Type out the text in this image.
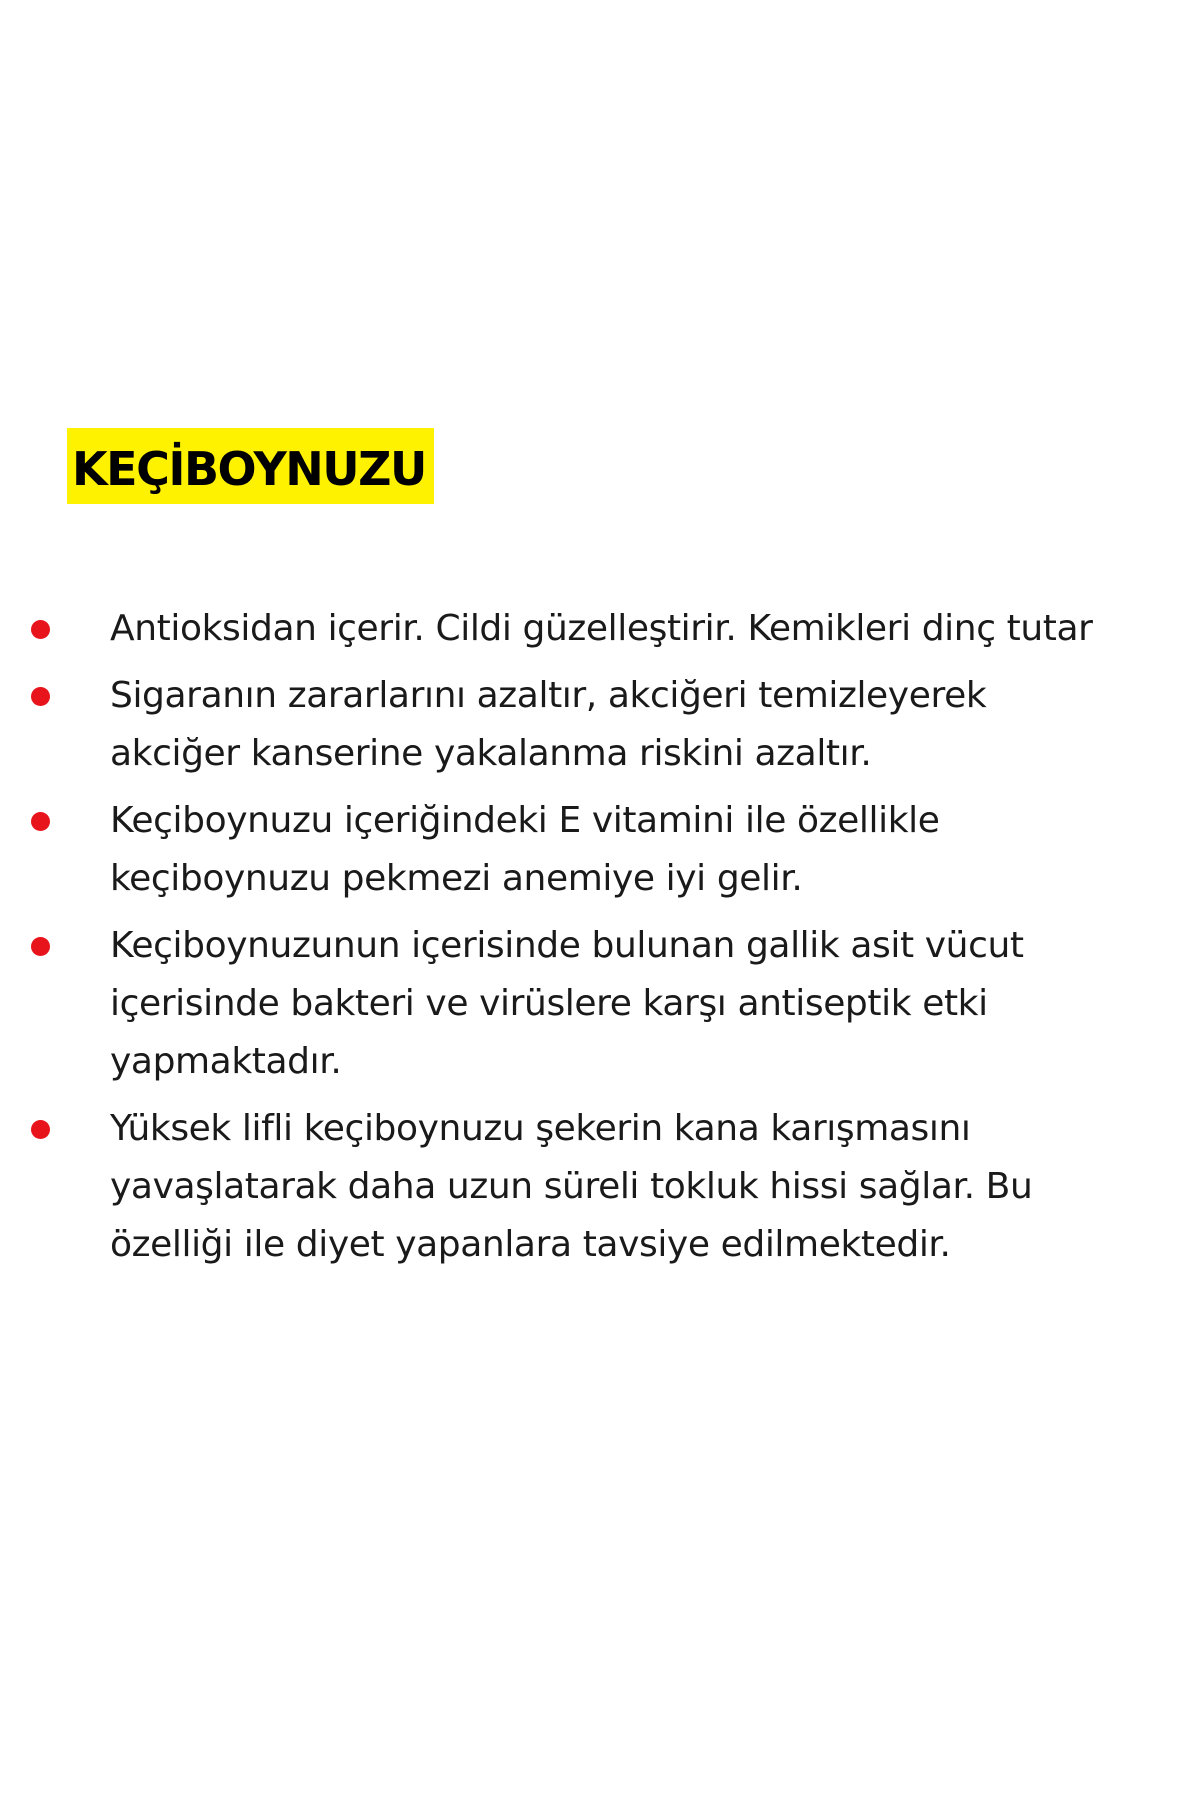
KEÇİBOYNUZU
Antioksidan içerir. Cildi güzelleştirir. Kemikleri dinç tutar
Sigaranın zararlarını azaltır, akciğeri temizleyerek akciğer kanserine yakalanma riskini azaltır.
Keçiboynuzu içeriğindeki E vitamini ile özellikle keçiboynuzu pekmezi anemiye iyi gelir.
Keçiboynuzunun içerisinde bulunan gallik asit vücut içerisinde bakteri ve virüslere karşı antiseptik etki yapmaktadır.
Yüksek lifli keçiboynuzu şekerin kana karışmasını yavaşlatarak daha uzun süreli tokluk hissi sağlar. Bu özelliği ile diyet yapanlara tavsiye edilmektedir.
